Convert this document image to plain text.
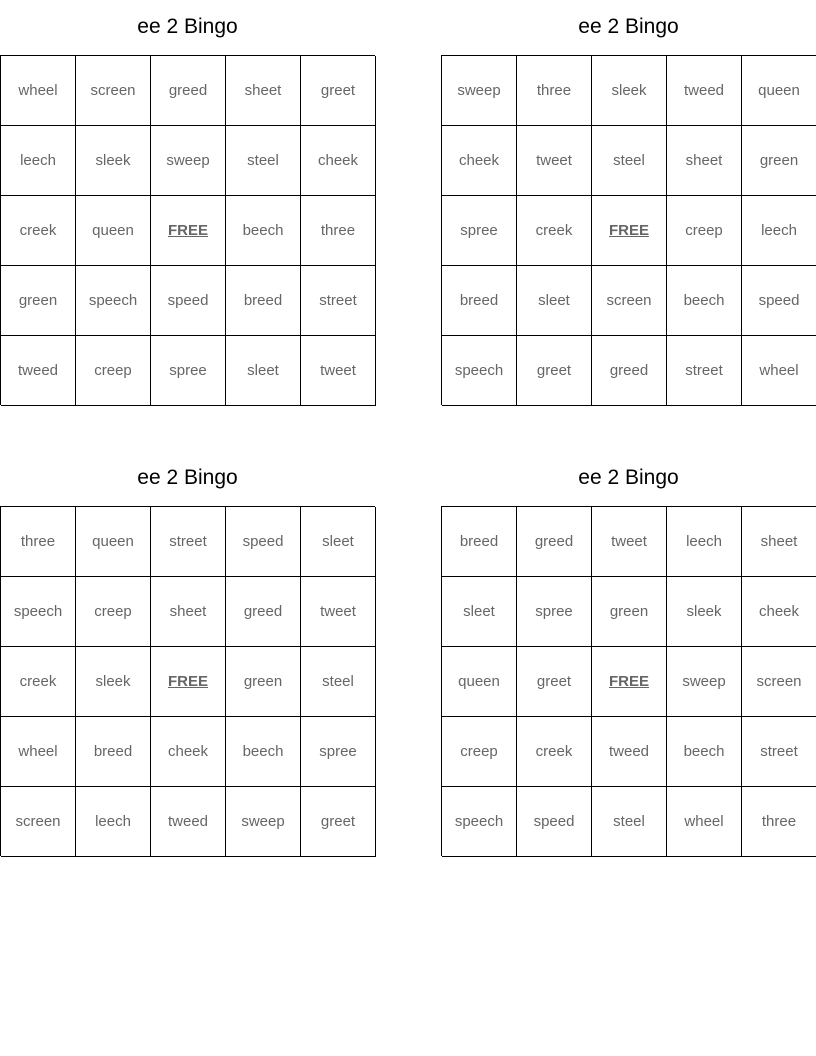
ee 2 Bingo
wheel	screen	greed	sheet	greet
leech	sleek	sweep	steel	cheek
creek	queen	FREE	beech	three
green	speech	speed	breed	street
tweed	creep	spree	sleet	tweet
ee 2 Bingo
sweep	three	sleek	tweed	queen
cheek	tweet	steel	sheet	green
spree	creek	FREE	creep	leech
breed	sleet	screen	beech	speed
speech	greet	greed	street	wheel
ee 2 Bingo
three	queen	street	speed	sleet
speech	creep	sheet	greed	tweet
creek	sleek	FREE	green	steel
wheel	breed	cheek	beech	spree
screen	leech	tweed	sweep	greet
ee 2 Bingo
breed	greed	tweet	leech	sheet
sleet	spree	green	sleek	cheek
queen	greet	FREE	sweep	screen
creep	creek	tweed	beech	street
speech	speed	steel	wheel	three
